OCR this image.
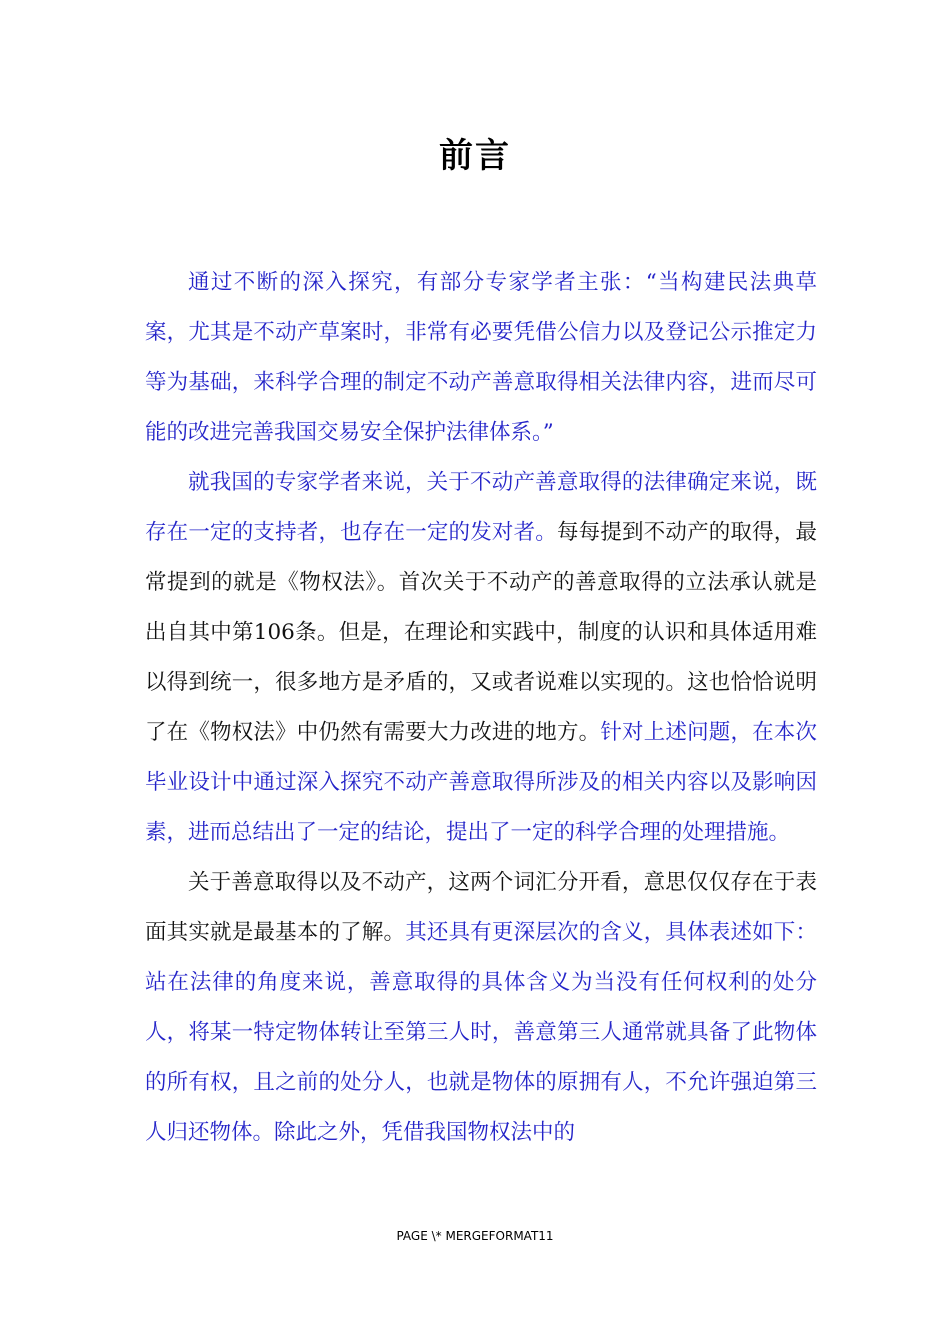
前言

通过不断的深入探究，有部分专家学者主张：“当构建民法典草案，尤其是不动产草案时，非常有必要凭借公信力以及登记公示推定力等为基础，来科学合理的制定不动产善意取得相关法律内容，进而尽可能的改进完善我国交易安全保护法律体系。”

就我国的专家学者来说，关于不动产善意取得的法律确定来说，既存在一定的支持者，也存在一定的发对者。每每提到不动产的取得，最常提到的就是《物权法》。首次关于不动产的善意取得的立法承认就是出自其中第106条。但是，在理论和实践中，制度的认识和具体适用难以得到统一，很多地方是矛盾的，又或者说难以实现的。这也恰恰说明了在《物权法》中仍然有需要大力改进的地方。针对上述问题，在本次毕业设计中通过深入探究不动产善意取得所涉及的相关内容以及影响因素，进而总结出了一定的结论，提出了一定的科学合理的处理措施。

关于善意取得以及不动产，这两个词汇分开看，意思仅仅存在于表面其实就是最基本的了解。其还具有更深层次的含义，具体表述如下：站在法律的角度来说，善意取得的具体含义为当没有任何权利的处分人，将某一特定物体转让至第三人时，善意第三人通常就具备了此物体的所有权，且之前的处分人，也就是物体的原拥有人，不允许强迫第三人归还物体。除此之外，凭借我国物权法中的

PAGE \* MERGEFORMAT11
